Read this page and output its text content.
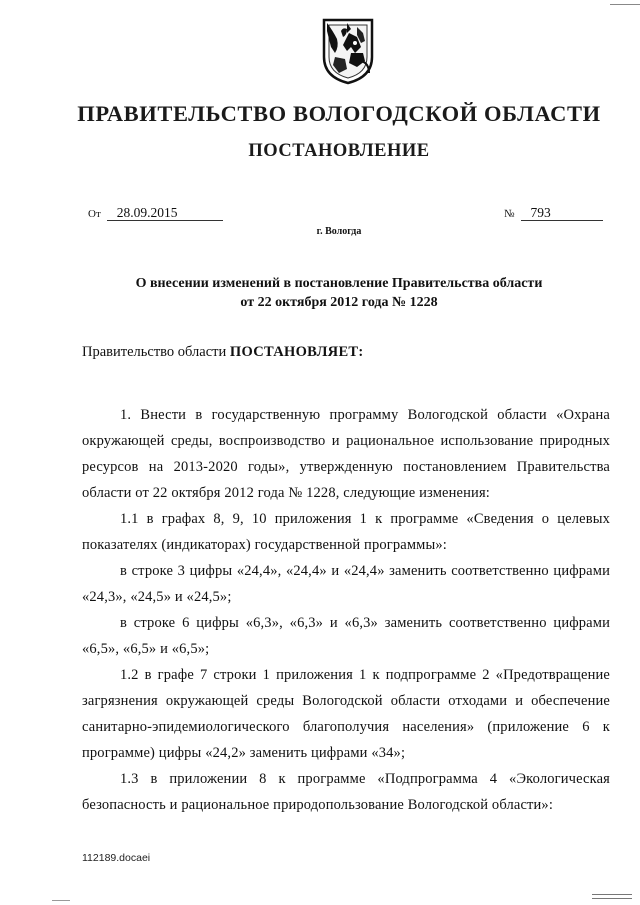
ПРАВИТЕЛЬСТВО ВОЛОГОДСКОЙ ОБЛАСТИ
ПОСТАНОВЛЕНИЕ
От 28.09.2015	№ 793
г. Вологда
О внесении изменений в постановление Правительства области
от 22 октября 2012 года № 1228
Правительство области ПОСТАНОВЛЯЕТ:

1. Внести в государственную программу Вологодской области «Охрана окружающей среды, воспроизводство и рациональное использование природных ресурсов на 2013-2020 годы», утвержденную постановлением Правительства области от 22 октября 2012 года № 1228, следующие изменения:

1.1 в графах 8, 9, 10 приложения 1 к программе «Сведения о целевых показателях (индикаторах) государственной программы»:

в строке 3 цифры «24,4», «24,4» и «24,4» заменить соответственно цифрами «24,3», «24,5» и «24,5»;

в строке 6 цифры «6,3», «6,3» и «6,3» заменить соответственно цифрами «6,5», «6,5» и «6,5»;

1.2 в графе 7 строки 1 приложения 1 к подпрограмме 2 «Предотвращение загрязнения окружающей среды Вологодской области отходами и обеспечение санитарно-эпидемиологического благополучия населения» (приложение 6 к программе) цифры «24,2» заменить цифрами «34»;

1.3 в приложении 8 к программе «Подпрограмма 4 «Экологическая безопасность и рациональное природопользование Вологодской области»:

112189.docaei
